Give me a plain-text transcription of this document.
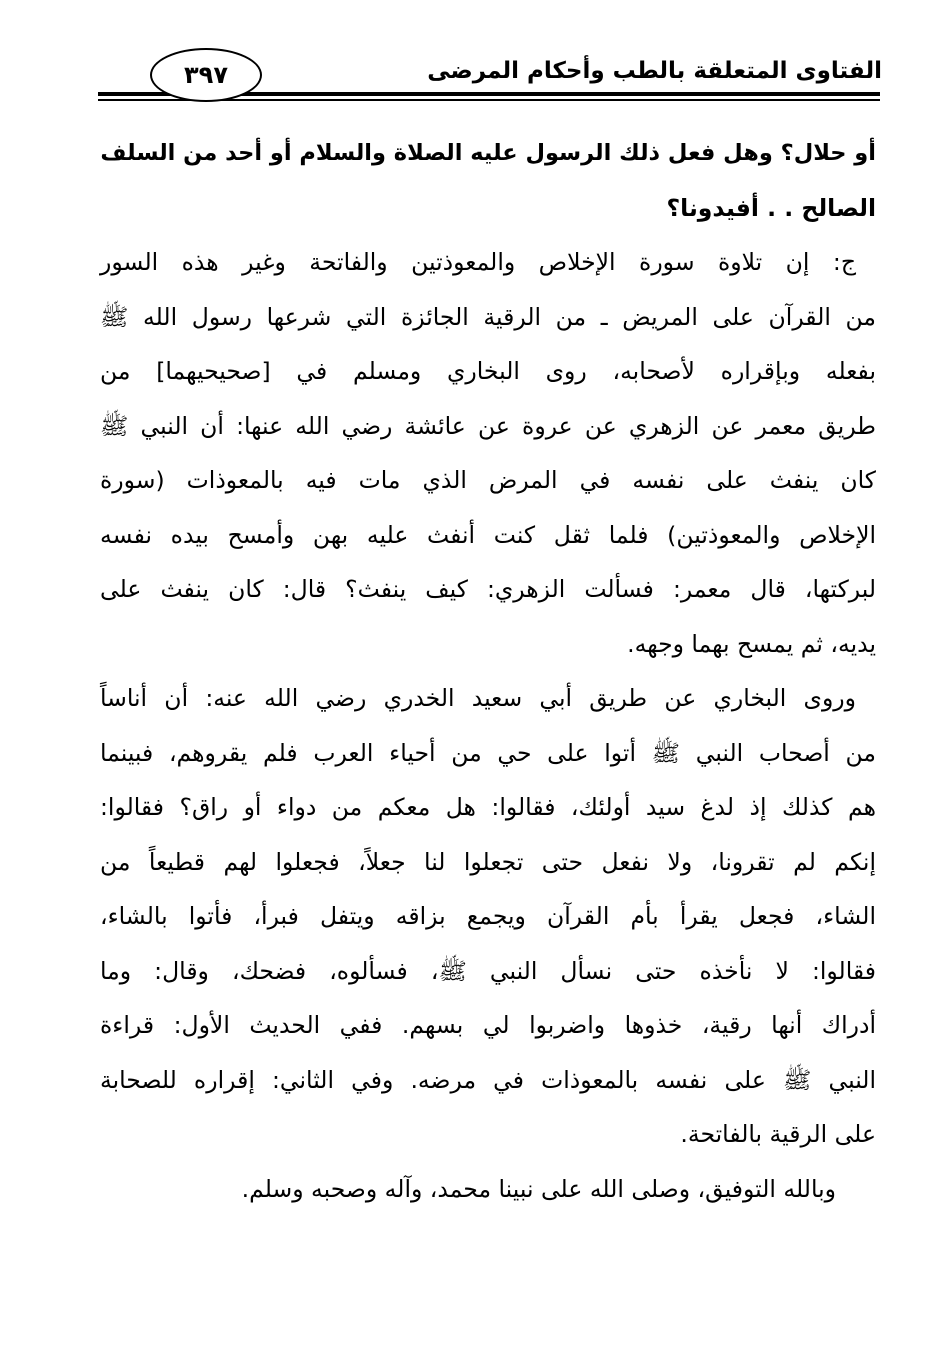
الفتاوى المتعلقة بالطب وأحكام المرضى
٣٩٧
أو حلال؟ وهل فعل ذلك الرسول عليه الصلاة والسلام أو أحد من السلف
الصالح . . أفيدونا؟
ج: إن تلاوة سورة الإخلاص والمعوذتين والفاتحة وغير هذه السور
من القرآن على المريض ـ من الرقية الجائزة التي شرعها رسول الله ﷺ
بفعله وبإقراره لأصحابه، روى البخاري ومسلم في [صحيحيهما] من
طريق معمر عن الزهري عن عروة عن عائشة رضي الله عنها: أن النبي ﷺ
كان ينفث على نفسه في المرض الذي مات فيه بالمعوذات (سورة
الإخلاص والمعوذتين) فلما ثقل كنت أنفث عليه بهن وأمسح بيده نفسه
لبركتها، قال معمر: فسألت الزهري: كيف ينفث؟ قال: كان ينفث على
يديه، ثم يمسح بهما وجهه.
وروى البخاري عن طريق أبي سعيد الخدري رضي الله عنه: أن أناساً
من أصحاب النبي ﷺ أتوا على حي من أحياء العرب فلم يقروهم، فبينما
هم كذلك إذ لدغ سيد أولئك، فقالوا: هل معكم من دواء أو راق؟ فقالوا:
إنكم لم تقرونا، ولا نفعل حتى تجعلوا لنا جعلاً، فجعلوا لهم قطيعاً من
الشاء، فجعل يقرأ بأم القرآن ويجمع بزاقه ويتفل فبرأ، فأتوا بالشاء،
فقالوا: لا نأخذه حتى نسأل النبي ﷺ، فسألوه، فضحك، وقال: وما
أدراك أنها رقية، خذوها واضربوا لي بسهم. ففي الحديث الأول: قراءة
النبي ﷺ على نفسه بالمعوذات في مرضه. وفي الثاني: إقراره للصحابة
على الرقية بالفاتحة.
وبالله التوفيق، وصلى الله على نبينا محمد، وآله وصحبه وسلم.
